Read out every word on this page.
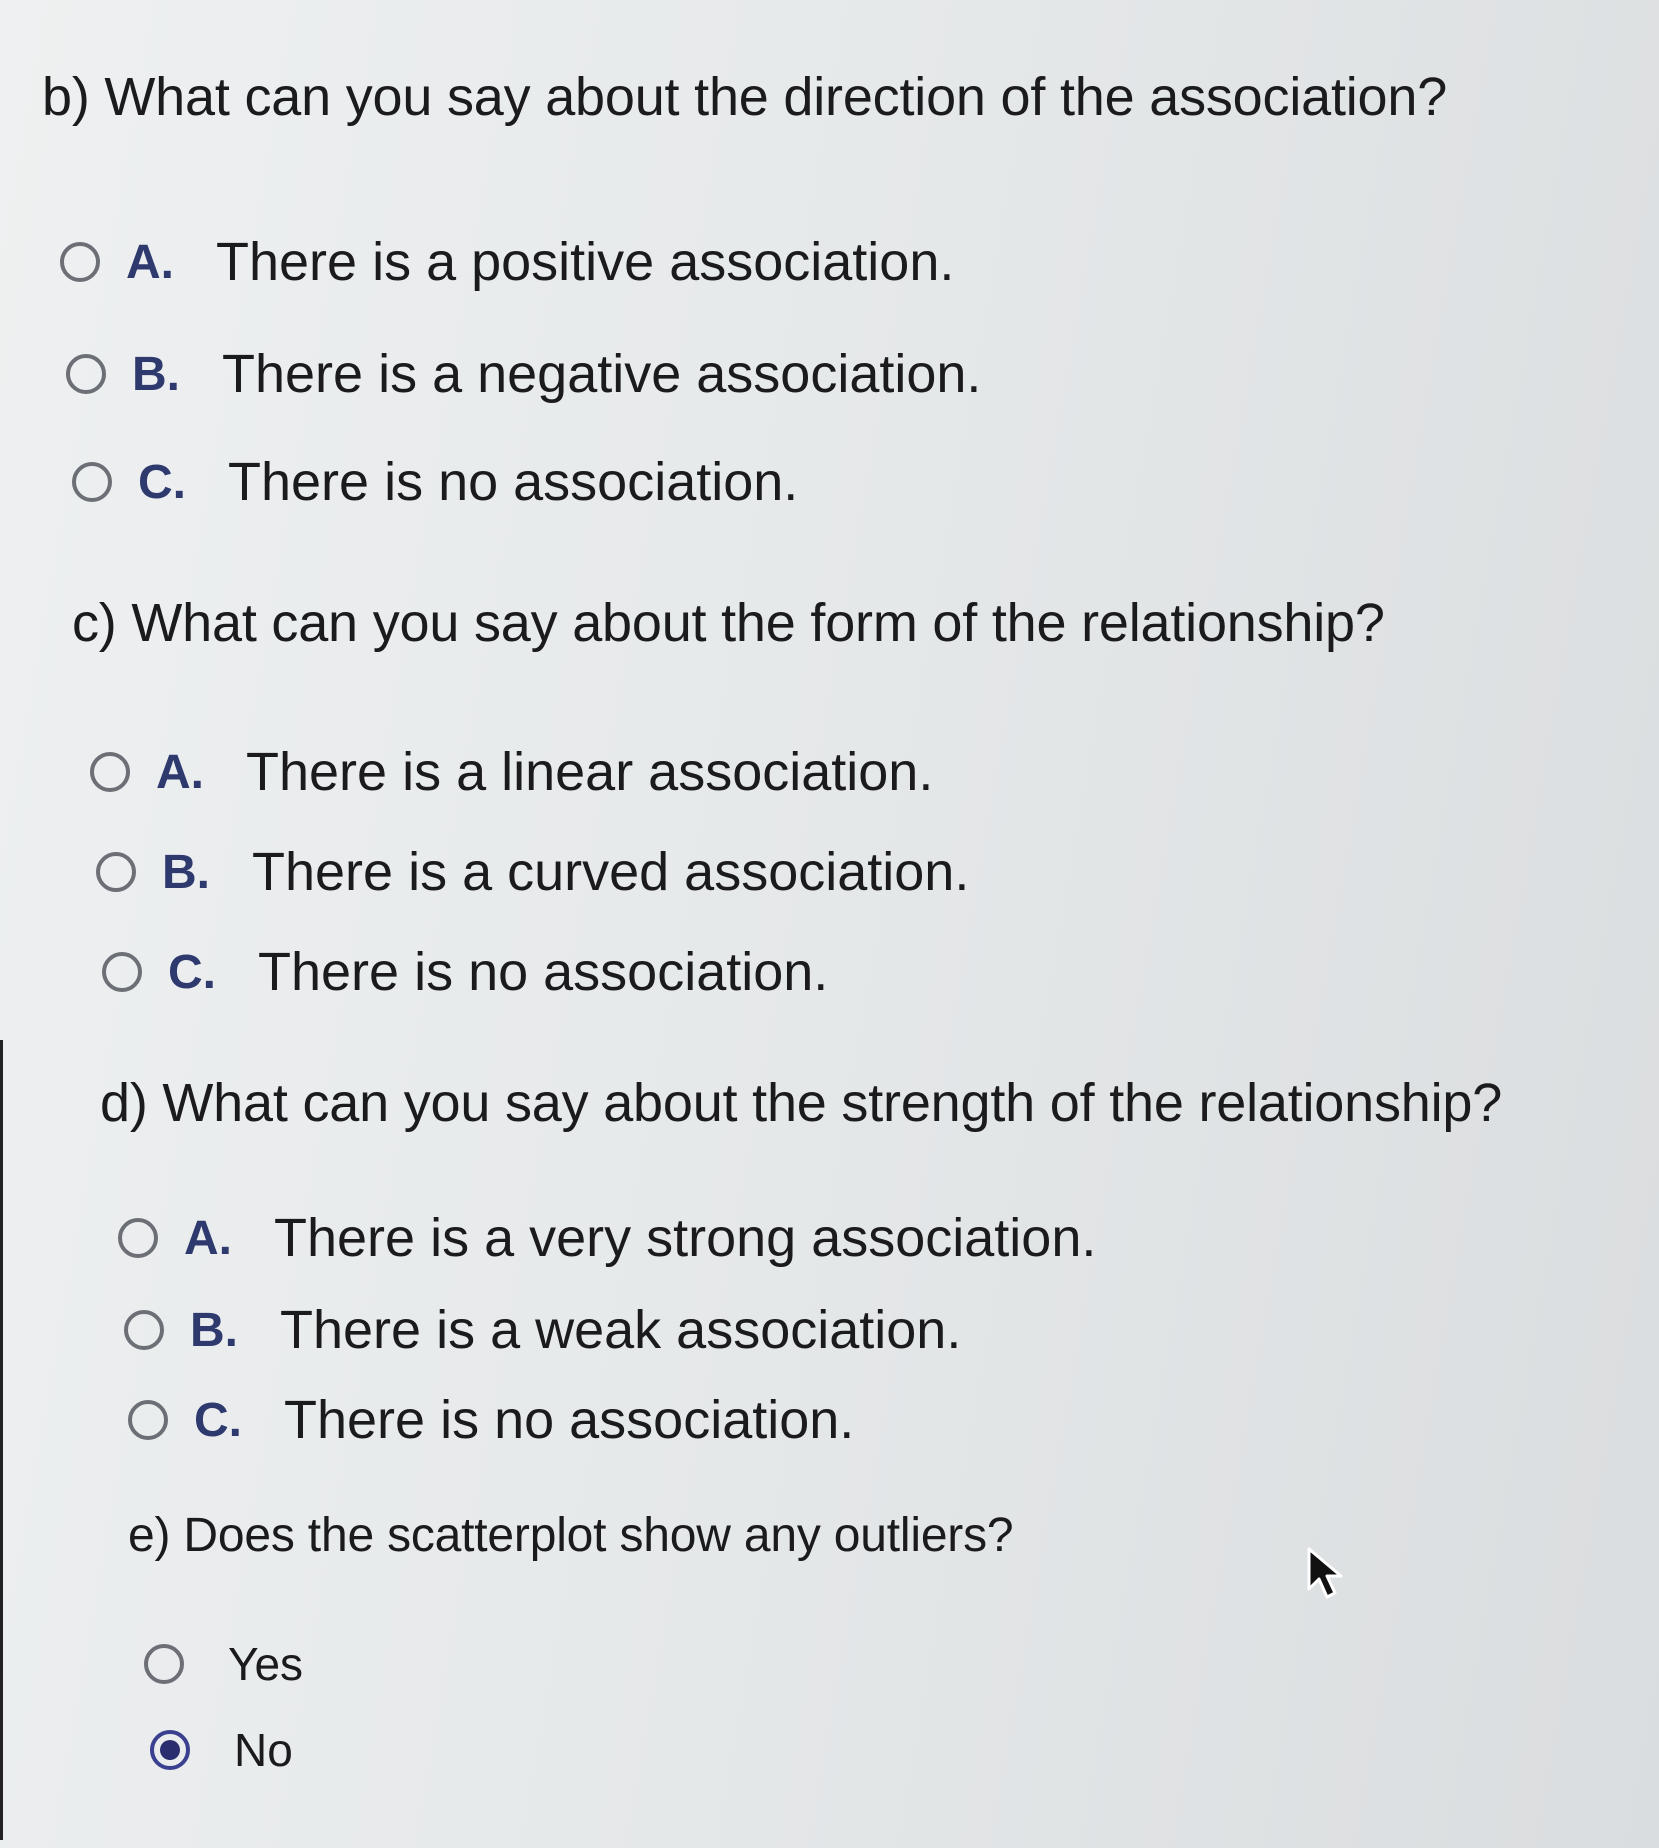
b) What can you say about the direction of the association?
A. There is a positive association.
B. There is a negative association.
C. There is no association.
c) What can you say about the form of the relationship?
A. There is a linear association.
B. There is a curved association.
C. There is no association.
d) What can you say about the strength of the relationship?
A. There is a very strong association.
B. There is a weak association.
C. There is no association.
e) Does the scatterplot show any outliers?
Yes
No
